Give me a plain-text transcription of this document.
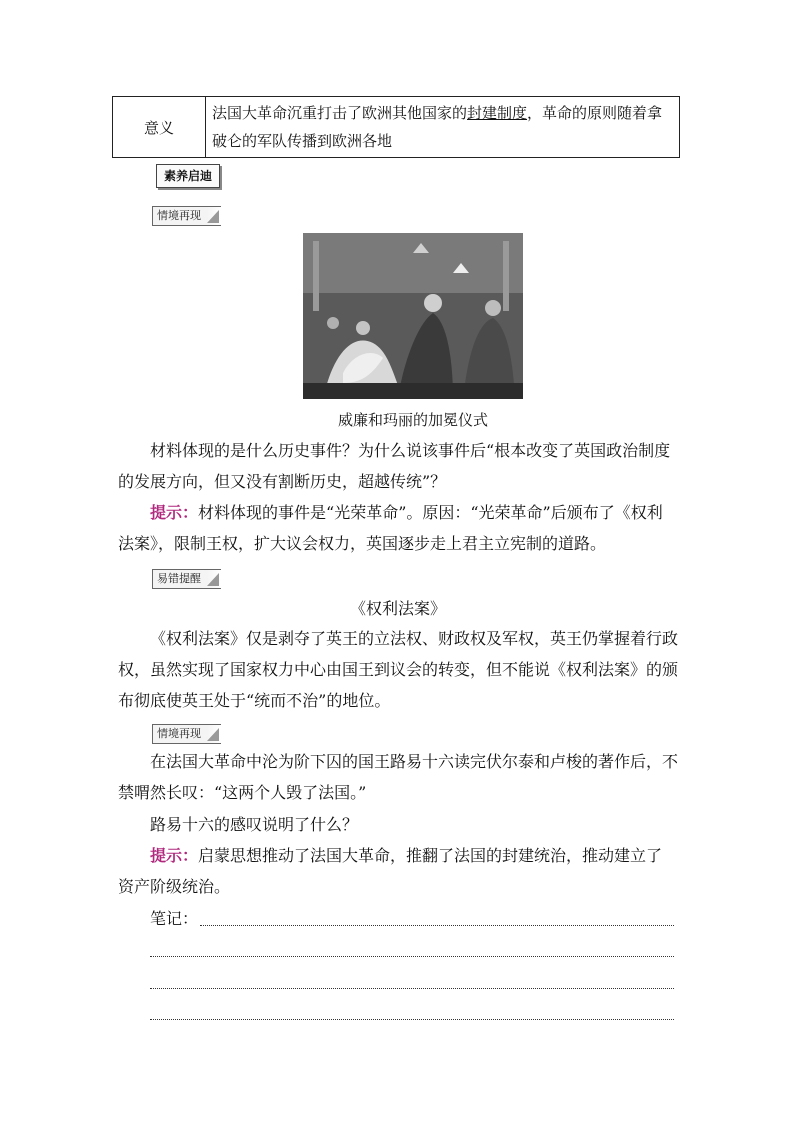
意义
法国大革命沉重打击了欧洲其他国家的封建制度，革命的原则随着拿破仑的军队传播到欧洲各地
素养启迪
情境再现
威廉和玛丽的加冕仪式
材料体现的是什么历史事件？为什么说该事件后“根本改变了英国政治制度的发展方向，但又没有割断历史，超越传统”？
提示：材料体现的事件是“光荣革命”。原因：“光荣革命”后颁布了《权利法案》，限制王权，扩大议会权力，英国逐步走上君主立宪制的道路。
易错提醒
《权利法案》
《权利法案》仅是剥夺了英王的立法权、财政权及军权，英王仍掌握着行政权，虽然实现了国家权力中心由国王到议会的转变，但不能说《权利法案》的颁布彻底使英王处于“统而不治”的地位。
情境再现
在法国大革命中沦为阶下囚的国王路易十六读完伏尔泰和卢梭的著作后，不禁喟然长叹：“这两个人毁了法国。”
路易十六的感叹说明了什么？
提示：启蒙思想推动了法国大革命，推翻了法国的封建统治，推动建立了资产阶级统治。
笔记：
